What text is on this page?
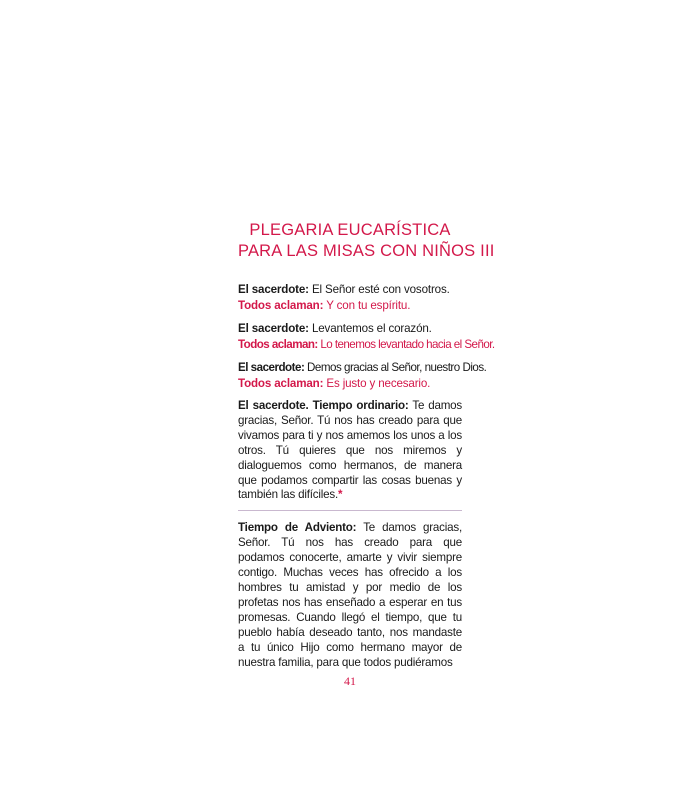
PLEGARIA EUCARÍSTICA
PARA LAS MISAS CON NIÑOS III
El sacerdote: El Señor esté con vosotros.
Todos aclaman: Y con tu espíritu.
El sacerdote: Levantemos el corazón.
Todos aclaman: Lo tenemos levantado hacia el Señor.
El sacerdote: Demos gracias al Señor, nuestro Dios.
Todos aclaman: Es justo y necesario.

El sacerdote. Tiempo ordinario: Te damos gracias, Señor. Tú nos has creado para que vivamos para ti y nos amemos los unos a los otros. Tú quieres que nos miremos y dialoguemos como hermanos, de manera que podamos compartir las cosas buenas y también las difíciles.*

Tiempo de Adviento: Te damos gracias, Señor. Tú nos has creado para que podamos conocerte, amarte y vivir siempre contigo. Muchas veces has ofrecido a los hombres tu amistad y por medio de los profetas nos has enseñado a esperar en tus promesas. Cuando llegó el tiempo, que tu pueblo había deseado tanto, nos mandaste a tu único Hijo como hermano mayor de nuestra familia, para que todos pudiéramos

41
